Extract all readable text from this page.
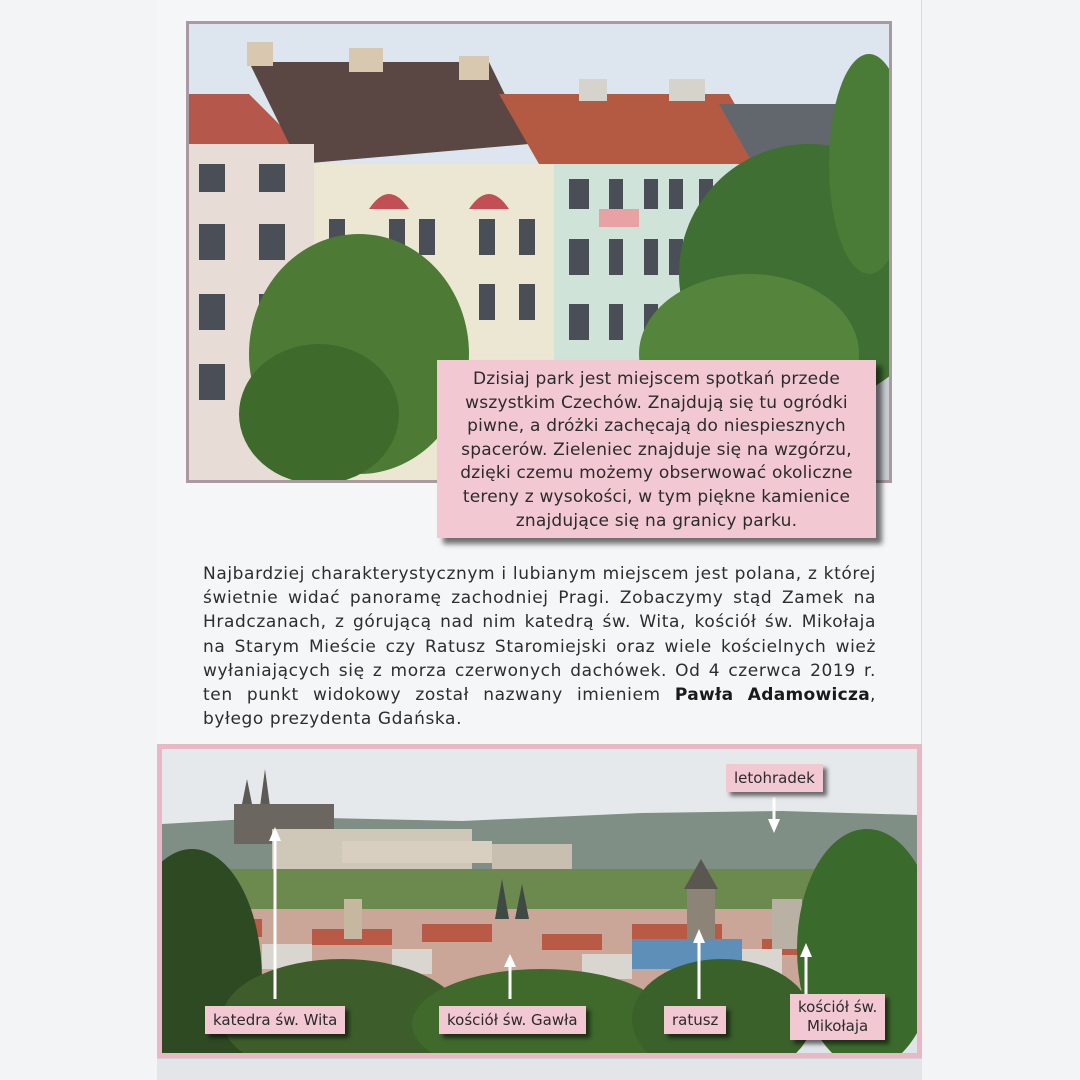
Dzisiaj park jest miejscem spotkań przede
wszystkim Czechów. Znajdują się tu ogródki
piwne, a dróżki zachęcają do niespiesznych
spacerów. Zieleniec znajduje się na wzgórzu,
dzięki czemu możemy obserwować okoliczne
tereny z wysokości, w tym piękne kamienice
znajdujące się na granicy parku.
Najbardziej charakterystycznym i lubianym miejscem jest polana, z której świetnie widać panoramę zachodniej Pragi. Zobaczymy stąd Zamek na Hradczanach, z górującą nad nim katedrą św. Wita, kościół św. Mikołaja na Starym Mieście czy Ratusz Staromiejski oraz wiele kościelnych wież wyłaniających się z morza czerwonych dachówek. Od 4 czerwca 2019 r. ten punkt widokowy został nazwany imieniem Pawła Adamowicza, byłego prezydenta Gdańska.
letohradek
katedra św. Wita	kościół św. Gawła	ratusz
kościół św.
Mikołaja
